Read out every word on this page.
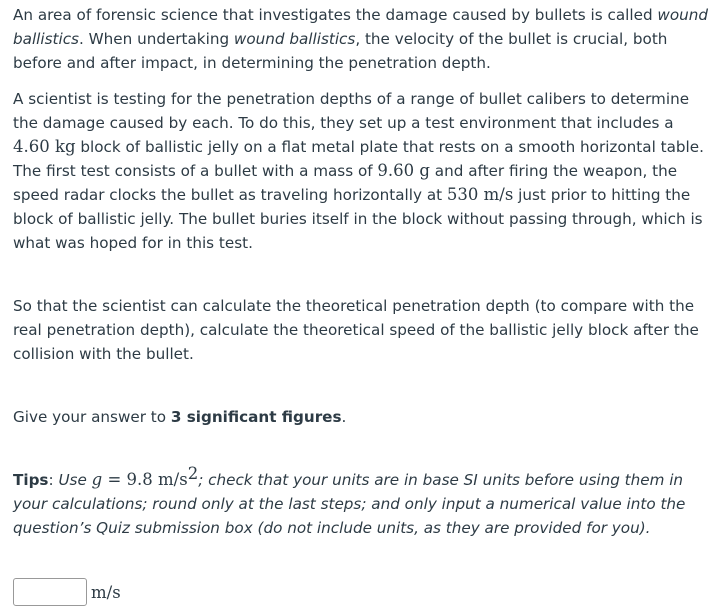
An area of forensic science that investigates the damage caused by bullets is called wound ballistics. When undertaking wound ballistics, the velocity of the bullet is crucial, both before and after impact, in determining the penetration depth.

A scientist is testing for the penetration depths of a range of bullet calibers to determine the damage caused by each. To do this, they set up a test environment that includes a 4.60 kg block of ballistic jelly on a flat metal plate that rests on a smooth horizontal table. The first test consists of a bullet with a mass of 9.60 g and after firing the weapon, the speed radar clocks the bullet as traveling horizontally at 530 m/s just prior to hitting the block of ballistic jelly. The bullet buries itself in the block without passing through, which is what was hoped for in this test.

So that the scientist can calculate the theoretical penetration depth (to compare with the real penetration depth), calculate the theoretical speed of the ballistic jelly block after the collision with the bullet.

Give your answer to 3 significant figures.

Tips: Use g = 9.8 $m/s^2$; check that your units are in base SI units before using them in your calculations; round only at the last steps; and only input a numerical value into the question’s Quiz submission box (do not include units, as they are provided for you).

m/s
